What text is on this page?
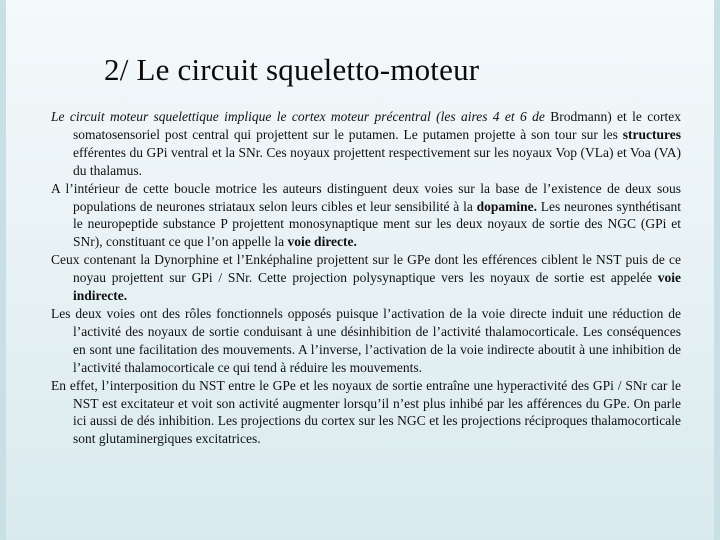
2/ Le circuit squeletto-moteur

Le circuit moteur squelettique implique le cortex moteur précentral (les aires 4 et 6 de Brodmann) et le cortex somatosensoriel post central qui projettent sur le putamen. Le putamen projette à son tour sur les structures efférentes du GPi ventral et la SNr. Ces noyaux projettent respectivement sur les noyaux Vop (VLa) et Voa (VA) du thalamus.

A l’intérieur de cette boucle motrice les auteurs distinguent deux voies sur la base de l’existence de deux sous populations de neurones striataux selon leurs cibles et leur sensibilité à la dopamine. Les neurones synthétisant le neuropeptide substance P projettent monosynaptique ment sur les deux noyaux de sortie des NGC (GPi et SNr), constituant ce que l’on appelle la voie directe.

Ceux contenant la Dynorphine et l’Enképhaline projettent sur le GPe dont les efférences ciblent le NST puis de ce noyau projettent sur GPi / SNr. Cette projection polysynaptique vers les noyaux de sortie est appelée voie indirecte.

Les deux voies ont des rôles fonctionnels opposés puisque l’activation de la voie directe induit une réduction de l’activité des noyaux de sortie conduisant à une désinhibition de l’activité thalamocorticale. Les conséquences en sont une facilitation des mouvements. A l’inverse, l’activation de la voie indirecte aboutit à une inhibition de l’activité thalamocorticale ce qui tend à réduire les mouvements.

En effet, l’interposition du NST entre le GPe et les noyaux de sortie entraîne une hyperactivité des GPi / SNr car le NST est excitateur et voit son activité augmenter lorsqu’il n’est plus inhibé par les afférences du GPe. On parle ici aussi de dés inhibition. Les projections du cortex sur les NGC et les projections réciproques thalamocorticale sont glutaminergiques excitatrices.
